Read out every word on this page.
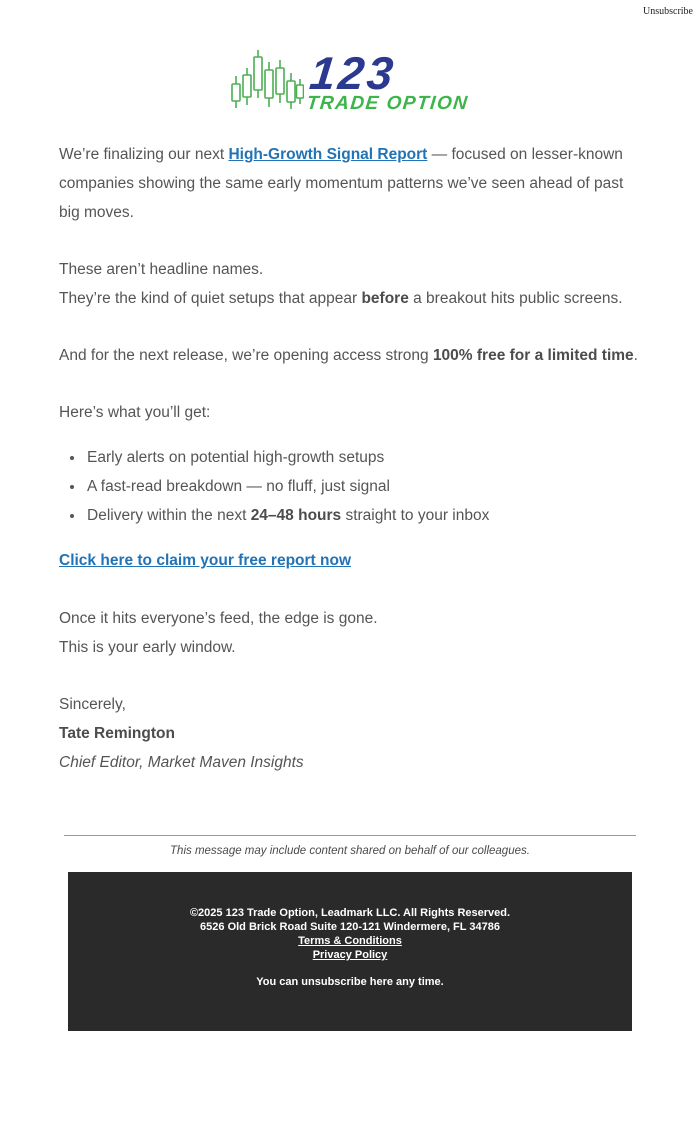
Unsubscribe
123
TRADE OPTION

We’re finalizing our next High-Growth Signal Report — focused on lesser-known companies showing the same early momentum patterns we’ve seen ahead of past big moves.

These aren’t headline names.
They’re the kind of quiet setups that appear before a breakout hits public screens.

And for the next release, we’re opening access strong 100% free for a limited time.

Here’s what you’ll get:

• Early alerts on potential high-growth setups
• A fast-read breakdown — no fluff, just signal
• Delivery within the next 24–48 hours straight to your inbox

Click here to claim your free report now

Once it hits everyone’s feed, the edge is gone.
This is your early window.

Sincerely,
Tate Remington
Chief Editor, Market Maven Insights
This message may include content shared on behalf of our colleagues.
©2025 123 Trade Option, Leadmark LLC. All Rights Reserved.
6526 Old Brick Road Suite 120-121 Windermere, FL 34786
Terms & Conditions
Privacy Policy
You can unsubscribe here any time.
